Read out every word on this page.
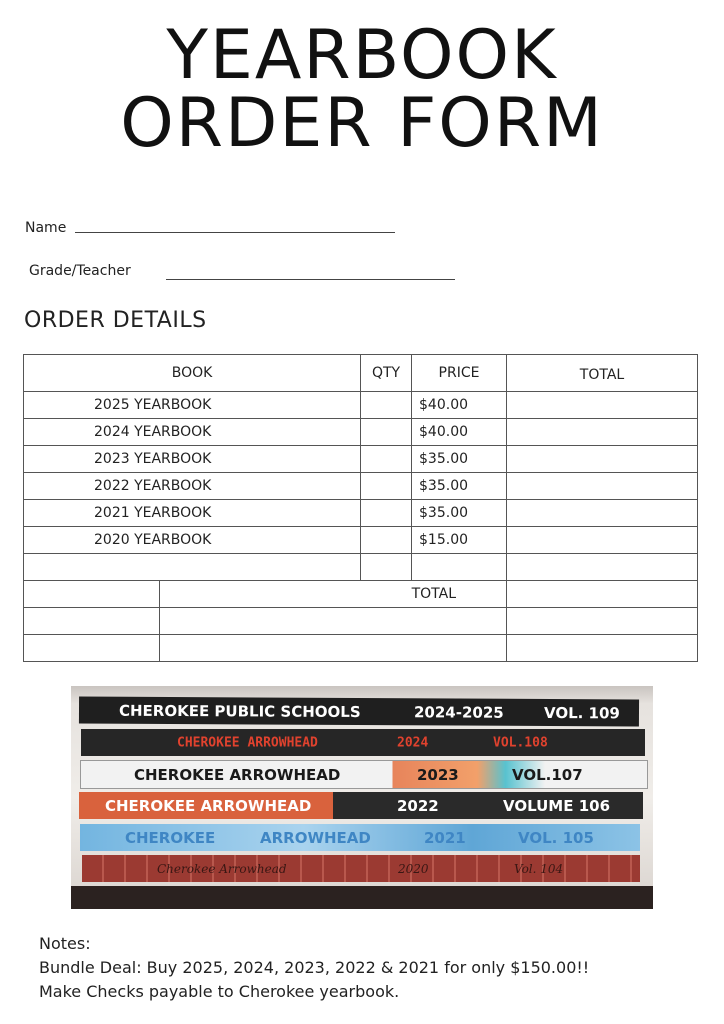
YEARBOOK
ORDER FORM
Name
Grade/Teacher
ORDER DETAILS
BOOK		QTY	PRICE	TOTAL
2025 YEARBOOK			$40.00	
2024 YEARBOOK			$40.00	
2023 YEARBOOK			$35.00	
2022 YEARBOOK			$35.00	
2021 YEARBOOK			$35.00	
2020 YEARBOOK			$15.00	

	TOTAL			

CHEROKEE PUBLIC SCHOOLS	2024-2025	VOL. 109
CHEROKEE ARROWHEAD	2024	VOL.108
CHEROKEE ARROWHEAD	2023	VOL.107
CHEROKEE ARROWHEAD	2022	VOLUME 106
CHEROKEE	ARROWHEAD	2021	VOL. 105
Cherokee Arrowhead	2020	Vol. 104
Notes:
Bundle Deal: Buy 2025, 2024, 2023, 2022 & 2021 for only $150.00!!
Make Checks payable to Cherokee yearbook.
